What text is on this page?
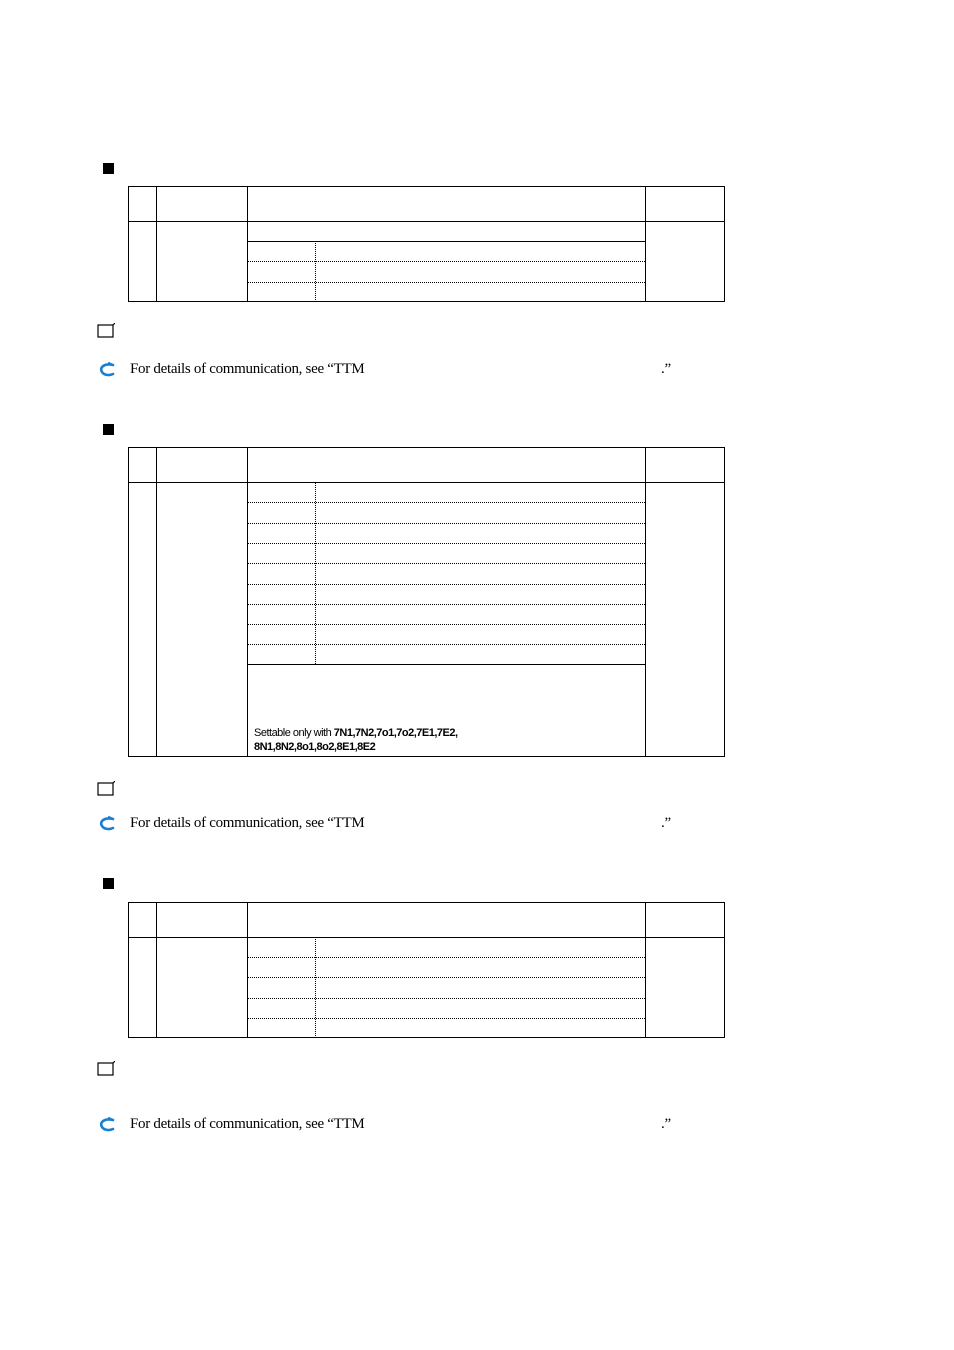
For details of communication, see “TTM	.”
Settable only with 7N1,7N2,7o1,7o2,7E1,7E2,
8N1,8N2,8o1,8o2,8E1,8E2
For details of communication, see “TTM	.”
For details of communication, see “TTM	.”
